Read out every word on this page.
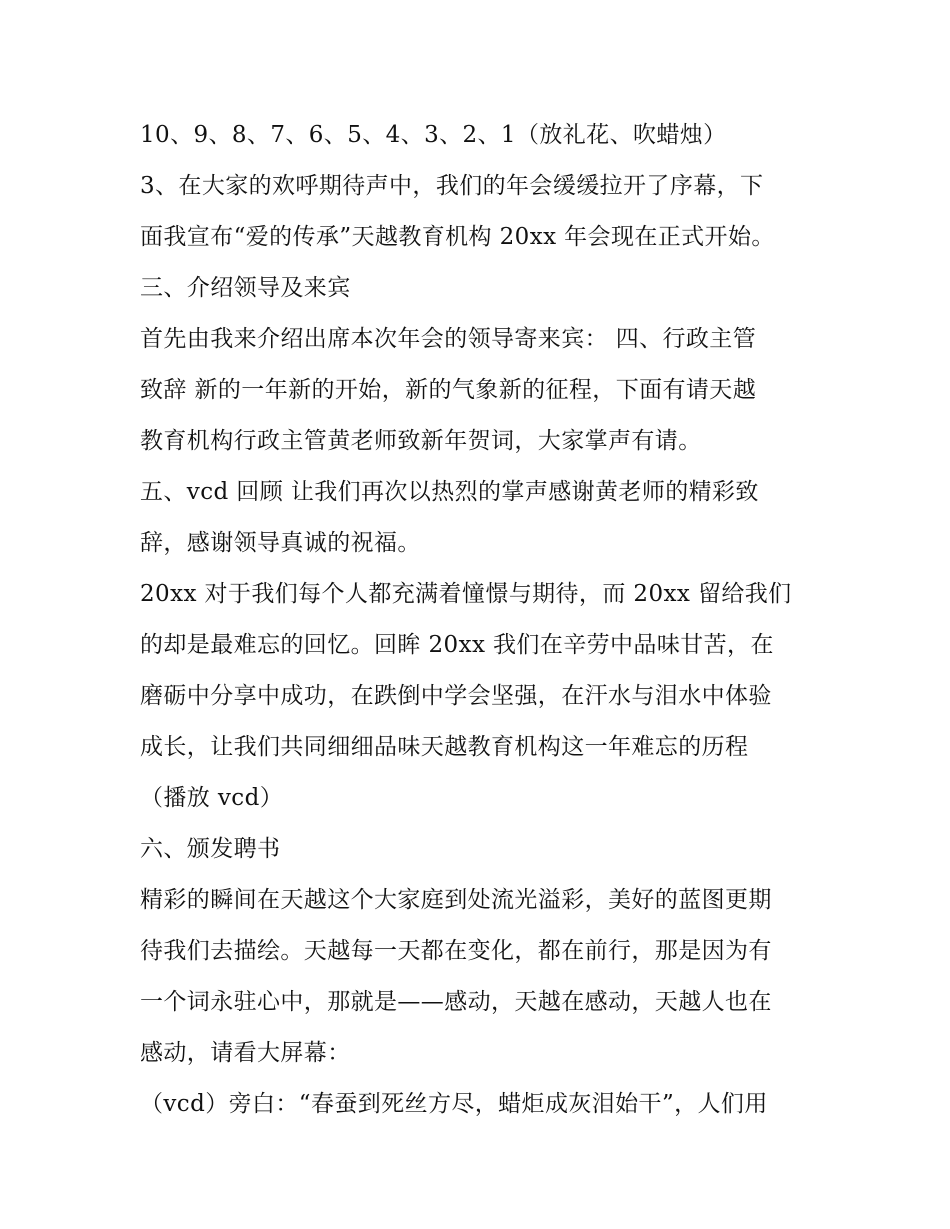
10、9、8、7、6、5、4、3、2、1（放礼花、吹蜡烛）
3、在大家的欢呼期待声中，我们的年会缓缓拉开了序幕，下
面我宣布“爱的传承”天越教育机构 20xx 年会现在正式开始。
三、介绍领导及来宾
首先由我来介绍出席本次年会的领导寄来宾： 四、行政主管
致辞 新的一年新的开始，新的气象新的征程，下面有请天越
教育机构行政主管黄老师致新年贺词，大家掌声有请。
五、vcd 回顾 让我们再次以热烈的掌声感谢黄老师的精彩致
辞，感谢领导真诚的祝福。
20xx 对于我们每个人都充满着憧憬与期待，而 20xx 留给我们
的却是最难忘的回忆。回眸 20xx 我们在辛劳中品味甘苦，在
磨砺中分享中成功，在跌倒中学会坚强，在汗水与泪水中体验
成长，让我们共同细细品味天越教育机构这一年难忘的历程
（播放 vcd）
六、颁发聘书
精彩的瞬间在天越这个大家庭到处流光溢彩，美好的蓝图更期
待我们去描绘。天越每一天都在变化，都在前行，那是因为有
一个词永驻心中，那就是——感动，天越在感动，天越人也在
感动，请看大屏幕：
（vcd）旁白：“春蚕到死丝方尽，蜡炬成灰泪始干”，人们用
